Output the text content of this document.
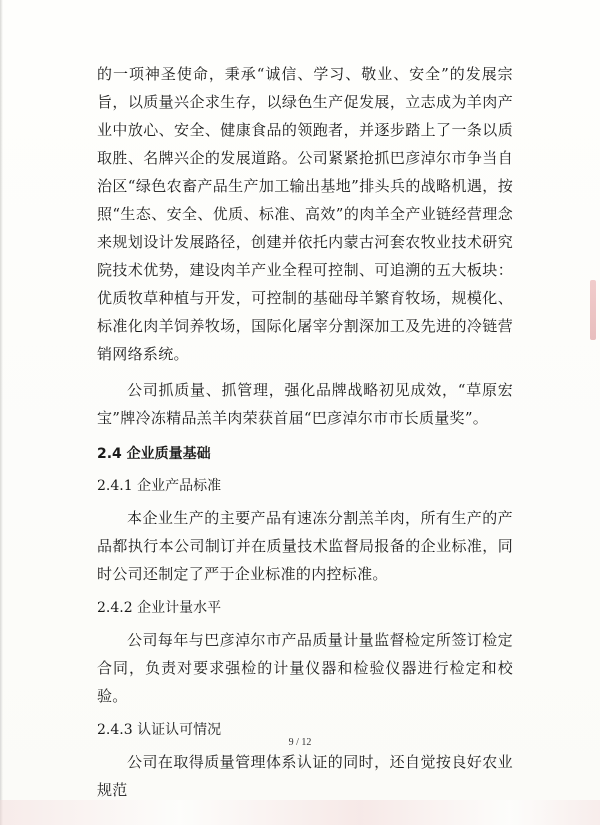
的一项神圣使命，秉承“诚信、学习、敬业、安全”的发展宗旨，以质量兴企求生存，以绿色生产促发展，立志成为羊肉产业中放心、安全、健康食品的领跑者，并逐步踏上了一条以质取胜、名牌兴企的发展道路。公司紧紧抢抓巴彦淖尔市争当自治区“绿色农畜产品生产加工输出基地”排头兵的战略机遇，按照“生态、安全、优质、标准、高效”的肉羊全产业链经营理念来规划设计发展路径，创建并依托内蒙古河套农牧业技术研究院技术优势，建设肉羊产业全程可控制、可追溯的五大板块：优质牧草种植与开发，可控制的基础母羊繁育牧场，规模化、标准化肉羊饲养牧场，国际化屠宰分割深加工及先进的冷链营销网络系统。

公司抓质量、抓管理，强化品牌战略初见成效，“草原宏宝”牌冷冻精品羔羊肉荣获首届“巴彦淖尔市市长质量奖”。

2.4 企业质量基础
2.4.1 企业产品标准

本企业生产的主要产品有速冻分割羔羊肉，所有生产的产品都执行本公司制订并在质量技术监督局报备的企业标准，同时公司还制定了严于企业标准的内控标准。

2.4.2 企业计量水平

公司每年与巴彦淖尔市产品质量计量监督检定所签订检定合同，负责对要求强检的计量仪器和检验仪器进行检定和校验。

2.4.3 认证认可情况

公司在取得质量管理体系认证的同时，还自觉按良好农业规范

9 / 12
